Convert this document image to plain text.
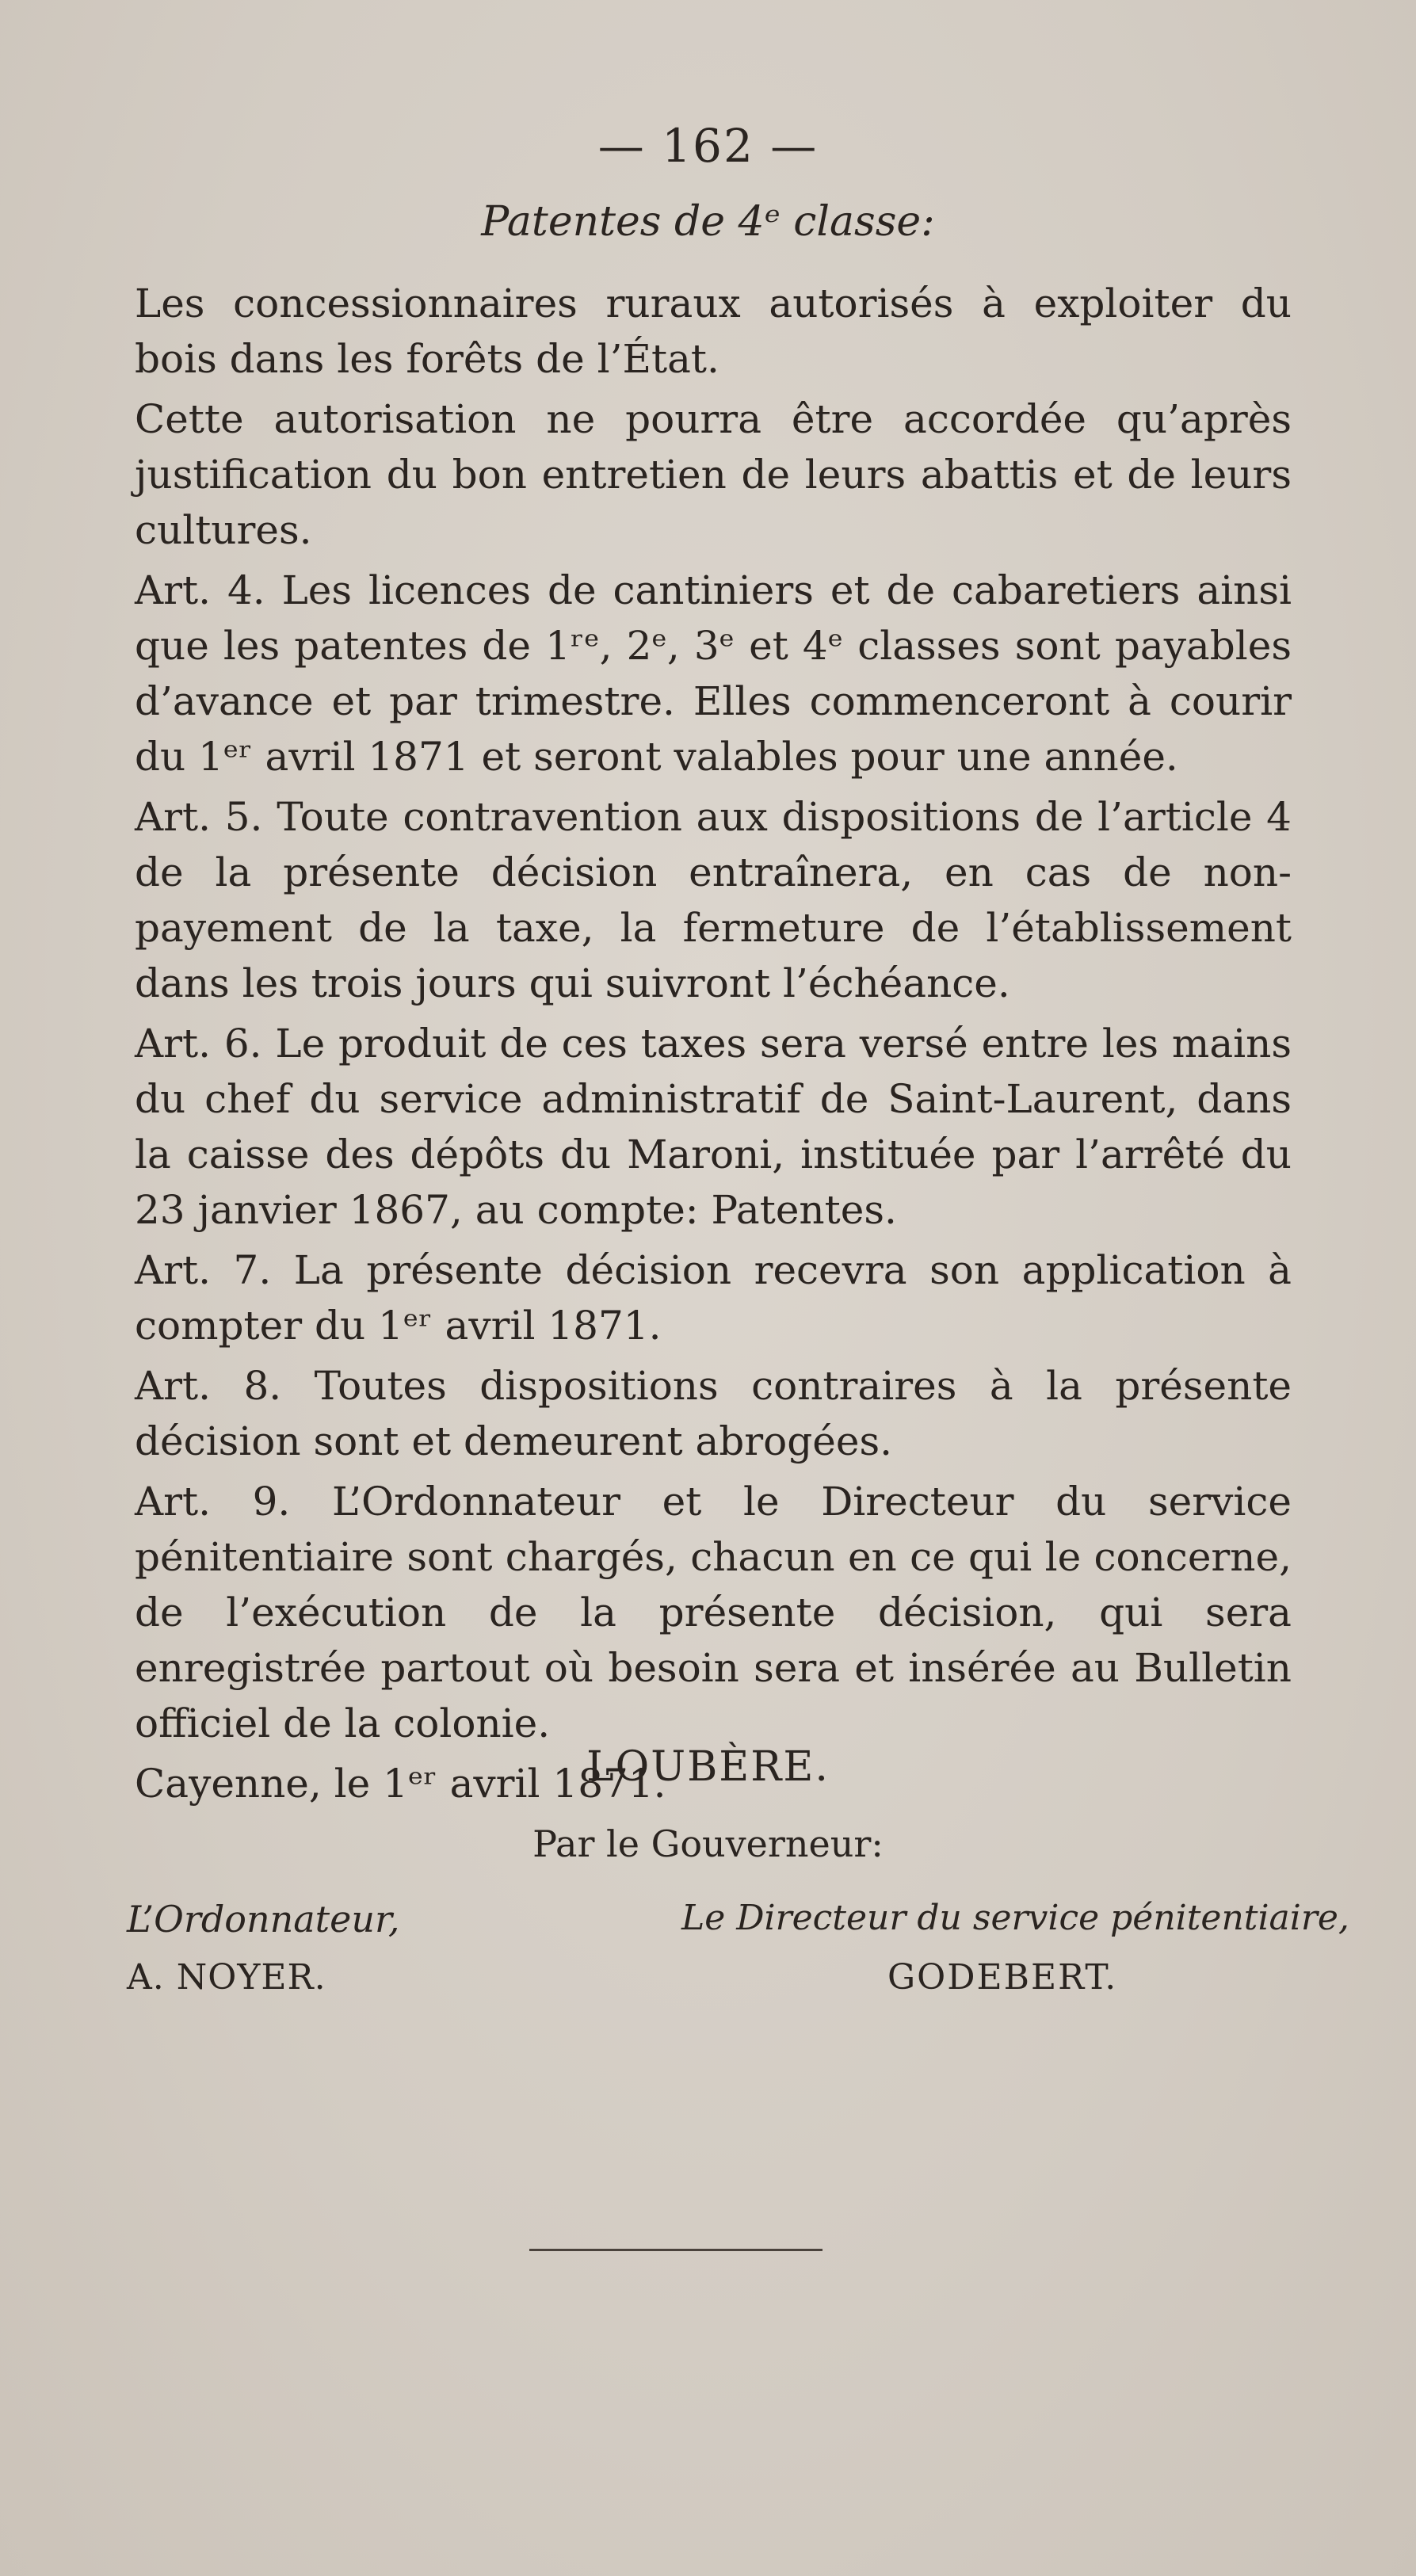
— 162 —
Patentes de 4ᵉ classe:

Les concessionnaires ruraux autorisés à exploiter du bois dans les forêts de l’État.

Cette autorisation ne pourra être accordée qu’après justification du bon entretien de leurs abattis et de leurs cultures.

Art. 4. Les licences de cantiniers et de cabaretiers ainsi que les patentes de 1ʳᵉ, 2ᵉ, 3ᵉ et 4ᵉ classes sont payables d’avance et par trimestre. Elles commenceront à courir du 1ᵉʳ avril 1871 et seront valables pour une année.

Art. 5. Toute contravention aux dispositions de l’article 4 de la présente décision entraînera, en cas de non-payement de la taxe, la fermeture de l’établissement dans les trois jours qui suivront l’échéance.

Art. 6. Le produit de ces taxes sera versé entre les mains du chef du service administratif de Saint-Laurent, dans la caisse des dépôts du Maroni, instituée par l’arrêté du 23 janvier 1867, au compte: Patentes.

Art. 7. La présente décision recevra son application à compter du 1ᵉʳ avril 1871.

Art. 8. Toutes dispositions contraires à la présente décision sont et demeurent abrogées.

Art. 9. L’Ordonnateur et le Directeur du service pénitentiaire sont chargés, chacun en ce qui le concerne, de l’exécution de la présente décision, qui sera enregistrée partout où besoin sera et insérée au Bulletin officiel de la colonie.

Cayenne, le 1ᵉʳ avril 1871.

LOUBÈRE.
Par le Gouverneur:
L’Ordonnateur,
A. NOYER.
Le Directeur du service pénitentiaire,
GODEBERT.
